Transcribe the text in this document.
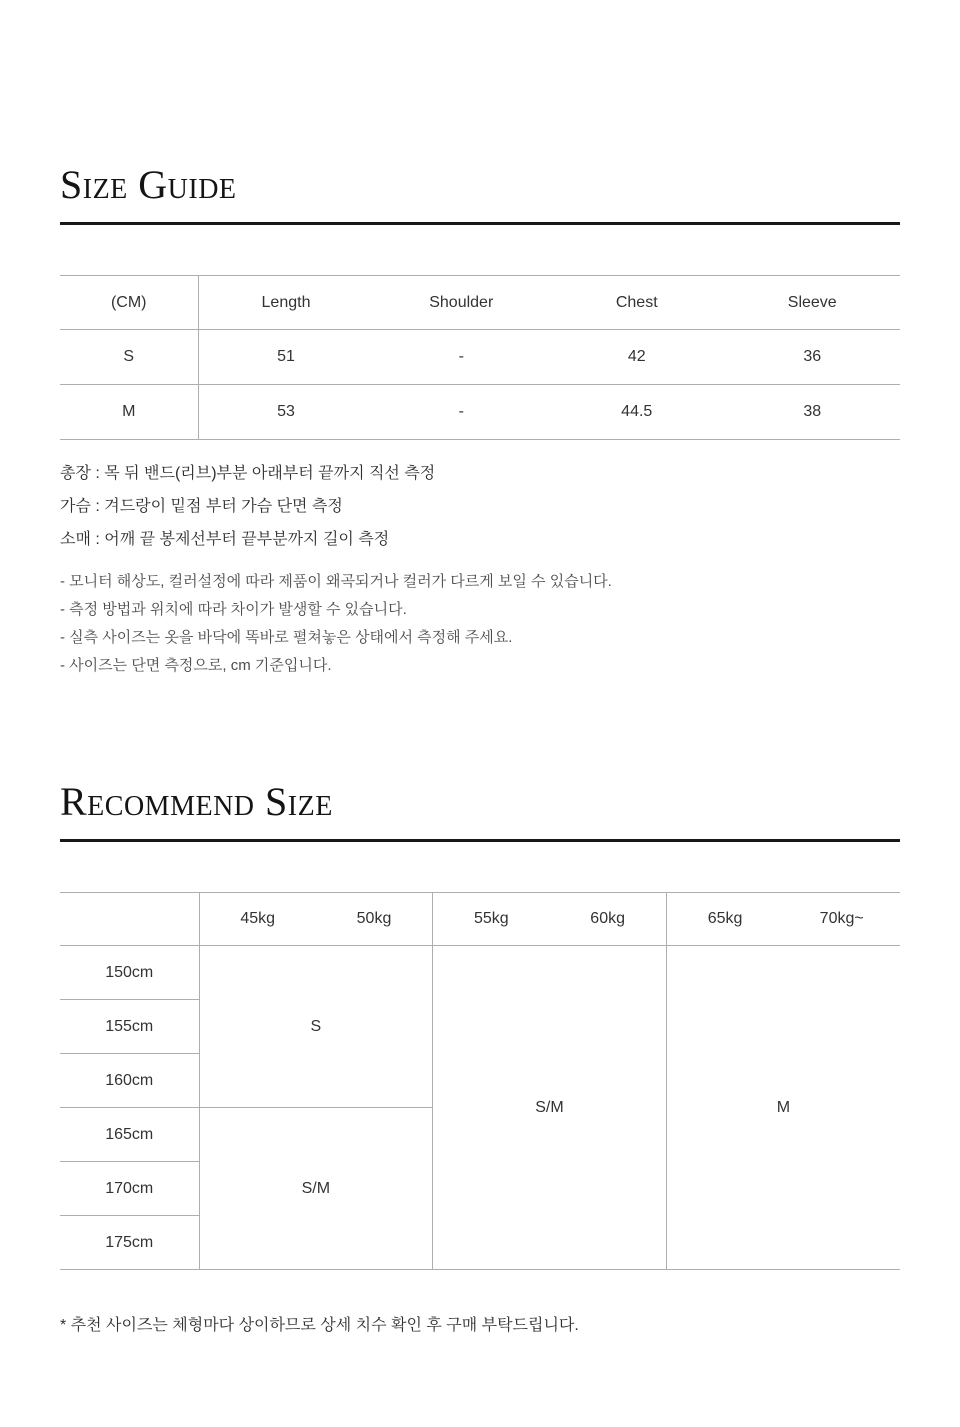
Size Guide
(CM)	Length	Shoulder	Chest	Sleeve
S	51	-	42	36
M	53	-	44.5	38
총장 : 목 뒤 밴드(리브)부분 아래부터 끝까지 직선 측정
가슴 : 겨드랑이 밑점 부터 가슴 단면 측정
소매 : 어깨 끝 봉제선부터 끝부분까지 길이 측정
- 모니터 해상도, 컬러설정에 따라 제품이 왜곡되거나 컬러가 다르게 보일 수 있습니다.
- 측정 방법과 위치에 따라 차이가 발생할 수 있습니다.
- 실측 사이즈는 옷을 바닥에 똑바로 펼쳐놓은 상태에서 측정해 주세요.
- 사이즈는 단면 측정으로, cm 기준입니다.
Recommend Size

	45kg 50kg	55kg 60kg	65kg 70kg~

150cm	S	S/M	M
155cm			
160cm			
165cm	S/M		
170cm			
175cm			
* 추천 사이즈는 체형마다 상이하므로 상세 치수 확인 후 구매 부탁드립니다.
